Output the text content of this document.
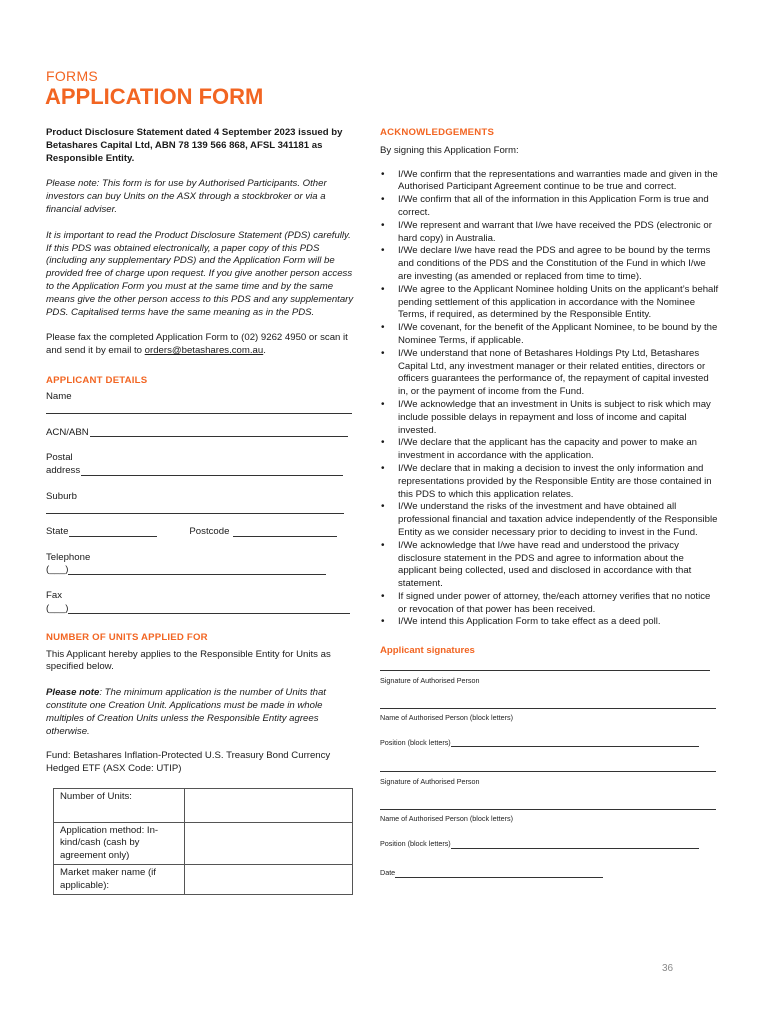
FORMS
APPLICATION FORM

Product Disclosure Statement dated 4 September 2023 issued by Betashares Capital Ltd, ABN 78 139 566 868, AFSL 341181 as Responsible Entity.

Please note: This form is for use by Authorised Participants. Other investors can buy Units on the ASX through a stockbroker or via a financial adviser.

It is important to read the Product Disclosure Statement (PDS) carefully. If this PDS was obtained electronically, a paper copy of this PDS (including any supplementary PDS) and the Application Form will be provided free of charge upon request. If you give another person access to the Application Form you must at the same time and by the same means give the other person access to this PDS and any supplementary PDS. Capitalised terms have the same meaning as in the PDS.

Please fax the completed Application Form to (02) 9262 4950 or scan it and send it by email to orders@betashares.com.au.

APPLICANT DETAILS
Name
ACN/ABN
Postal
address
Suburb
State	Postcode
Telephone
(___)
Fax
(___)
NUMBER OF UNITS APPLIED FOR

This Applicant hereby applies to the Responsible Entity for Units as specified below.

Please note: The minimum application is the number of Units that constitute one Creation Unit. Applications must be made in whole multiples of Creation Units unless the Responsible Entity agrees otherwise.

Fund: Betashares Inflation-Protected U.S. Treasury Bond Currency Hedged ETF (ASX Code: UTIP)

Number of Units:	
Application method: In-kind/cash (cash by agreement only)	
Market maker name (if applicable):	
ACKNOWLEDGEMENTS

By signing this Application Form:

• I/We confirm that the representations and warranties made and given in the Authorised Participant Agreement continue to be true and correct.
• I/We confirm that all of the information in this Application Form is true and correct.
• I/We represent and warrant that I/we have received the PDS (electronic or hard copy) in Australia.
• I/We declare I/we have read the PDS and agree to be bound by the terms and conditions of the PDS and the Constitution of the Fund in which I/we are investing (as amended or replaced from time to time).
• I/We agree to the Applicant Nominee holding Units on the applicant’s behalf pending settlement of this application in accordance with the Nominee Terms, if required, as determined by the Responsible Entity.
• I/We covenant, for the benefit of the Applicant Nominee, to be bound by the Nominee Terms, if applicable.
• I/We understand that none of Betashares Holdings Pty Ltd, Betashares Capital Ltd, any investment manager or their related entities, directors or officers guarantees the performance of, the repayment of capital invested in, or the payment of income from the Fund.
• I/We acknowledge that an investment in Units is subject to risk which may include possible delays in repayment and loss of income and capital invested.
• I/We declare that the applicant has the capacity and power to make an investment in accordance with the application.
• I/We declare that in making a decision to invest the only information and representations provided by the Responsible Entity are those contained in this PDS to which this application relates.
• I/We understand the risks of the investment and have obtained all professional financial and taxation advice independently of the Responsible Entity as we consider necessary prior to deciding to invest in the Fund.
• I/We acknowledge that I/we have read and understood the privacy disclosure statement in the PDS and agree to information about the applicant being collected, used and disclosed in accordance with that statement.
• If signed under power of attorney, the/each attorney verifies that no notice or revocation of that power has been received.
• I/We intend this Application Form to take effect as a deed poll.
Applicant signatures
Signature of Authorised Person
Name of Authorised Person (block letters)
Position (block letters)
Signature of Authorised Person
Name of Authorised Person (block letters)
Position (block letters)
Date
36
